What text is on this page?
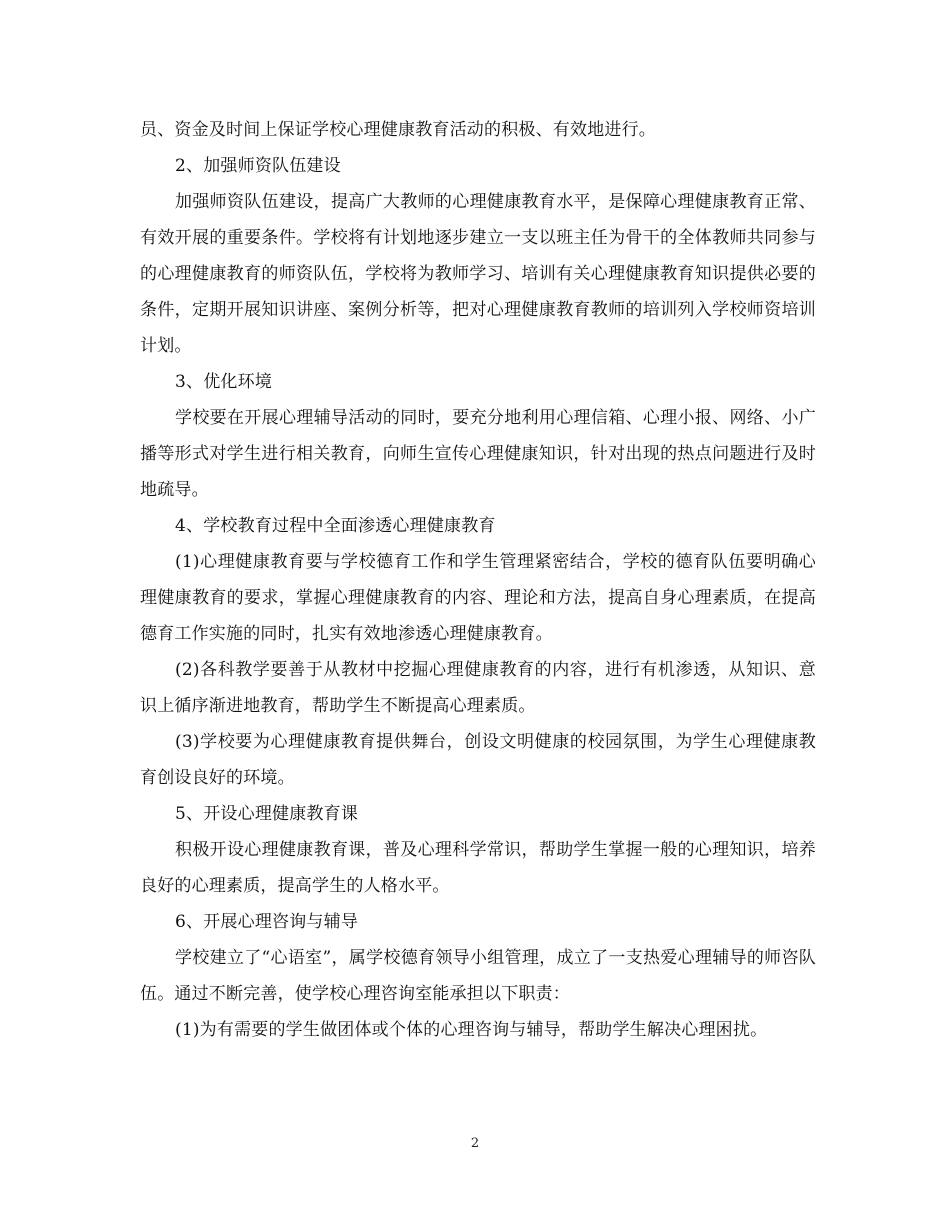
员、资金及时间上保证学校心理健康教育活动的积极、有效地进行。

2、加强师资队伍建设

加强师资队伍建设，提高广大教师的心理健康教育水平，是保障心理健康教育正常、有效开展的重要条件。学校将有计划地逐步建立一支以班主任为骨干的全体教师共同参与的心理健康教育的师资队伍，学校将为教师学习、培训有关心理健康教育知识提供必要的条件，定期开展知识讲座、案例分析等，把对心理健康教育教师的培训列入学校师资培训计划。

3、优化环境

学校要在开展心理辅导活动的同时，要充分地利用心理信箱、心理小报、网络、小广播等形式对学生进行相关教育，向师生宣传心理健康知识，针对出现的热点问题进行及时地疏导。

4、学校教育过程中全面渗透心理健康教育

(1)心理健康教育要与学校德育工作和学生管理紧密结合，学校的德育队伍要明确心理健康教育的要求，掌握心理健康教育的内容、理论和方法，提高自身心理素质，在提高德育工作实施的同时，扎实有效地渗透心理健康教育。

(2)各科教学要善于从教材中挖掘心理健康教育的内容，进行有机渗透，从知识、意识上循序渐进地教育，帮助学生不断提高心理素质。

(3)学校要为心理健康教育提供舞台，创设文明健康的校园氛围，为学生心理健康教育创设良好的环境。

5、开设心理健康教育课

积极开设心理健康教育课，普及心理科学常识，帮助学生掌握一般的心理知识，培养良好的心理素质，提高学生的人格水平。

6、开展心理咨询与辅导

学校建立了“心语室”，属学校德育领导小组管理，成立了一支热爱心理辅导的师咨队伍。通过不断完善，使学校心理咨询室能承担以下职责：

(1)为有需要的学生做团体或个体的心理咨询与辅导，帮助学生解决心理困扰。

2
